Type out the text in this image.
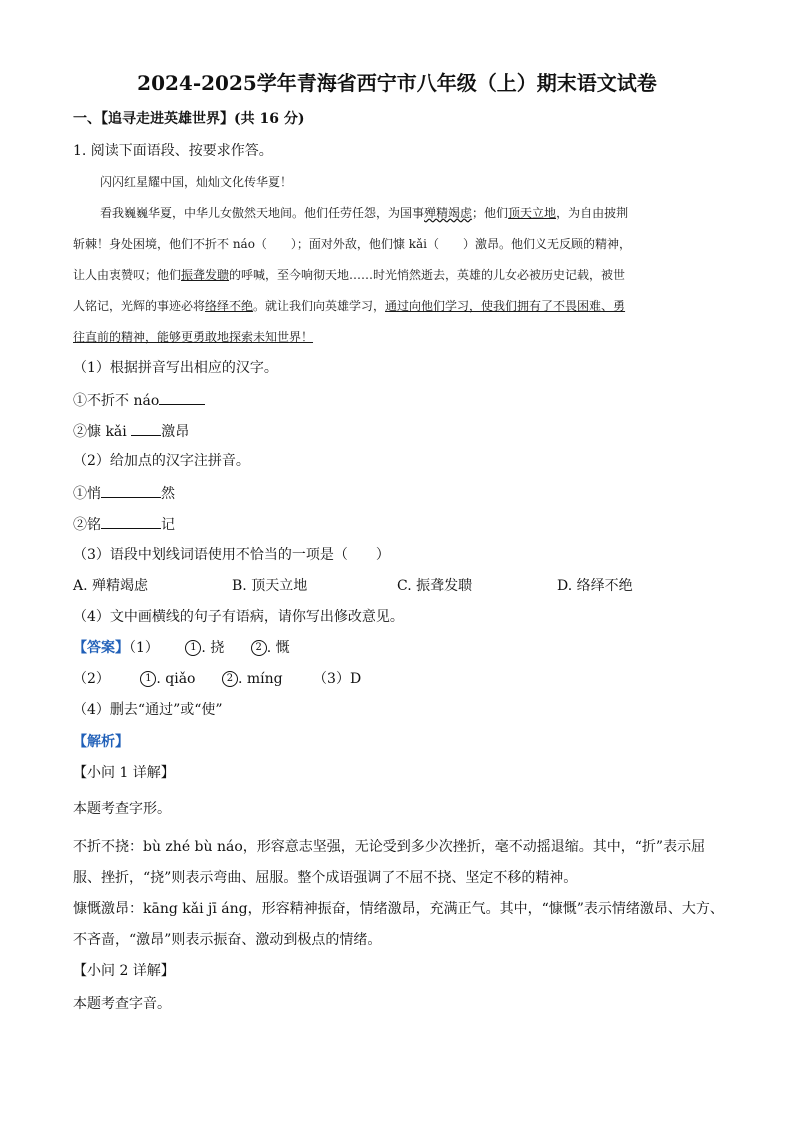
2024-2025学年青海省西宁市八年级（上）期末语文试卷
一、【追寻走进英雄世界】(共 16 分)
1. 阅读下面语段、按要求作答。
闪闪红星耀中国，灿灿文化传华夏！
看我巍巍华夏，中华儿女傲然天地间。他们任劳任怨，为国事殚精竭虑；他们顶天立地，为自由披荆
斩棘！身处困境，他们不折不 náo（　　）；面对外敌，他们慷 kǎi（　　）激昂。他们义无反顾的精神，
让人由衷赞叹；他们振聋发聩的呼喊，至今响彻天地……时光悄然逝去，英雄的儿女必被历史记载，被世
人铭记，光辉的事迹必将络绎不绝。就让我们向英雄学习，通过向他们学习，使我们拥有了不畏困难、勇
往直前的精神，能够更勇敢地探索未知世界！
（1）根据拼音写出相应的汉字。
①不折不 náo
②慷 kǎi 激昂
（2）给加点的汉字注拼音。
①悄	然
②铭	记
（3）语段中划线词语使用不恰当的一项是（　　）
A. 殚精竭虑	B. 顶天立地	C. 振聋发聩	D. 络绎不绝
（4）文中画横线的句子有语病，请你写出修改意见。
【答案】（1）	1 . 挠	2 . 慨
（2）	1 . qiǎo	2 . míng （3）D
（4）删去“通过”或“使”
【解析】
【小问 1 详解】
本题考查字形。
不折不挠：bù zhé bù náo，形容意志坚强，无论受到多少次挫折，毫不动摇退缩。其中，“折”表示屈
服、挫折，“挠”则表示弯曲、屈服。整个成语强调了不屈不挠、坚定不移的精神。
慷慨激昂：kāng kǎi jī áng，形容精神振奋，情绪激昂，充满正气。其中，“慷慨”表示情绪激昂、大方、
不吝啬，“激昂”则表示振奋、激动到极点的情绪。
【小问 2 详解】
本题考查字音。
